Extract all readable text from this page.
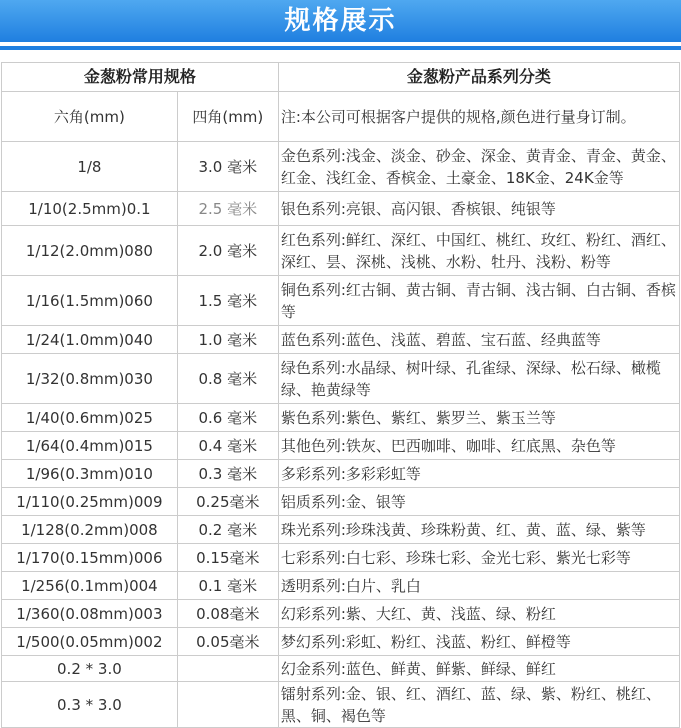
规格展示
金葱粉常用规格		金葱粉产品系列分类
六角(mm)	四角(mm)	注:本公司可根据客户提供的规格,颜色进行量身订制。
1/8	3.0 毫米	金色系列:浅金、淡金、砂金、深金、黄青金、青金、黄金、红金、浅红金、香槟金、土豪金、18K金、24K金等
1/10(2.5mm)0.1	2.5 毫米	银色系列:亮银、高闪银、香槟银、纯银等
1/12(2.0mm)080	2.0 毫米	红色系列:鲜红、深红、中国红、桃红、玫红、粉红、酒红、深红、昙、深桃、浅桃、水粉、牡丹、浅粉、粉等
1/16(1.5mm)060	1.5 毫米	铜色系列:红古铜、黄古铜、青古铜、浅古铜、白古铜、香槟等
1/24(1.0mm)040	1.0 毫米	蓝色系列:蓝色、浅蓝、碧蓝、宝石蓝、经典蓝等
1/32(0.8mm)030	0.8 毫米	绿色系列:水晶绿、树叶绿、孔雀绿、深绿、松石绿、橄榄绿、艳黄绿等
1/40(0.6mm)025	0.6 毫米	紫色系列:紫色、紫红、紫罗兰、紫玉兰等
1/64(0.4mm)015	0.4 毫米	其他色列:铁灰、巴西咖啡、咖啡、红底黑、杂色等
1/96(0.3mm)010	0.3 毫米	多彩系列:多彩彩虹等
1/110(0.25mm)009	0.25毫米	铝质系列:金、银等
1/128(0.2mm)008	0.2 毫米	珠光系列:珍珠浅黄、珍珠粉黄、红、黄、蓝、绿、紫等
1/170(0.15mm)006	0.15毫米	七彩系列:白七彩、珍珠七彩、金光七彩、紫光七彩等
1/256(0.1mm)004	0.1 毫米	透明系列:白片、乳白
1/360(0.08mm)003	0.08毫米	幻彩系列:紫、大红、黄、浅蓝、绿、粉红
1/500(0.05mm)002	0.05毫米	梦幻系列:彩虹、粉红、浅蓝、粉红、鲜橙等
0.2 * 3.0		幻金系列:蓝色、鲜黄、鲜紫、鲜绿、鲜红
0.3 * 3.0		镭射系列:金、银、红、酒红、蓝、绿、紫、粉红、桃红、黑、铜、褐色等
